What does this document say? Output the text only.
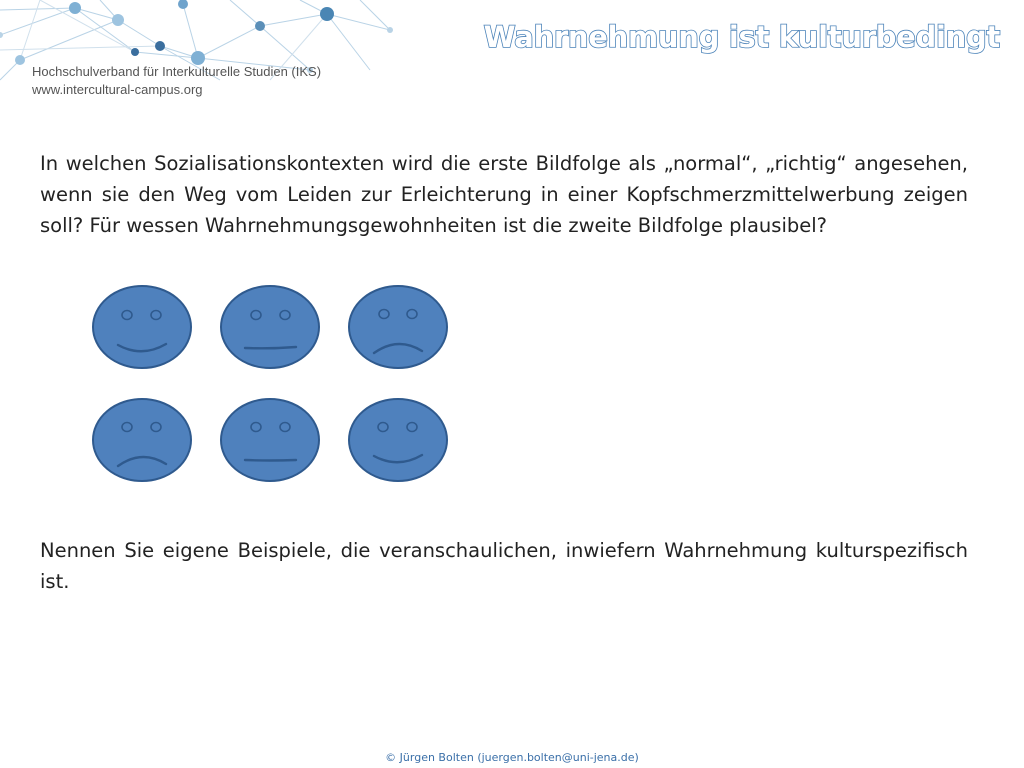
Hochschulverband für Interkulturelle Studien (IKS)
www.intercultural-campus.org
Wahrnehmung ist kulturbedingt

In welchen Sozialisationskontexten wird die erste Bildfolge als „normal“, „richtig“ angesehen, wenn sie den Weg vom Leiden zur Erleichterung in einer Kopfschmerzmittelwerbung zeigen soll? Für wessen Wahrnehmungsgewohnheiten ist die zweite Bildfolge plausibel?

Nennen Sie eigene Beispiele, die veranschaulichen, inwiefern Wahrnehmung kulturspezifisch ist.

© Jürgen Bolten (juergen.bolten@uni-jena.de)
